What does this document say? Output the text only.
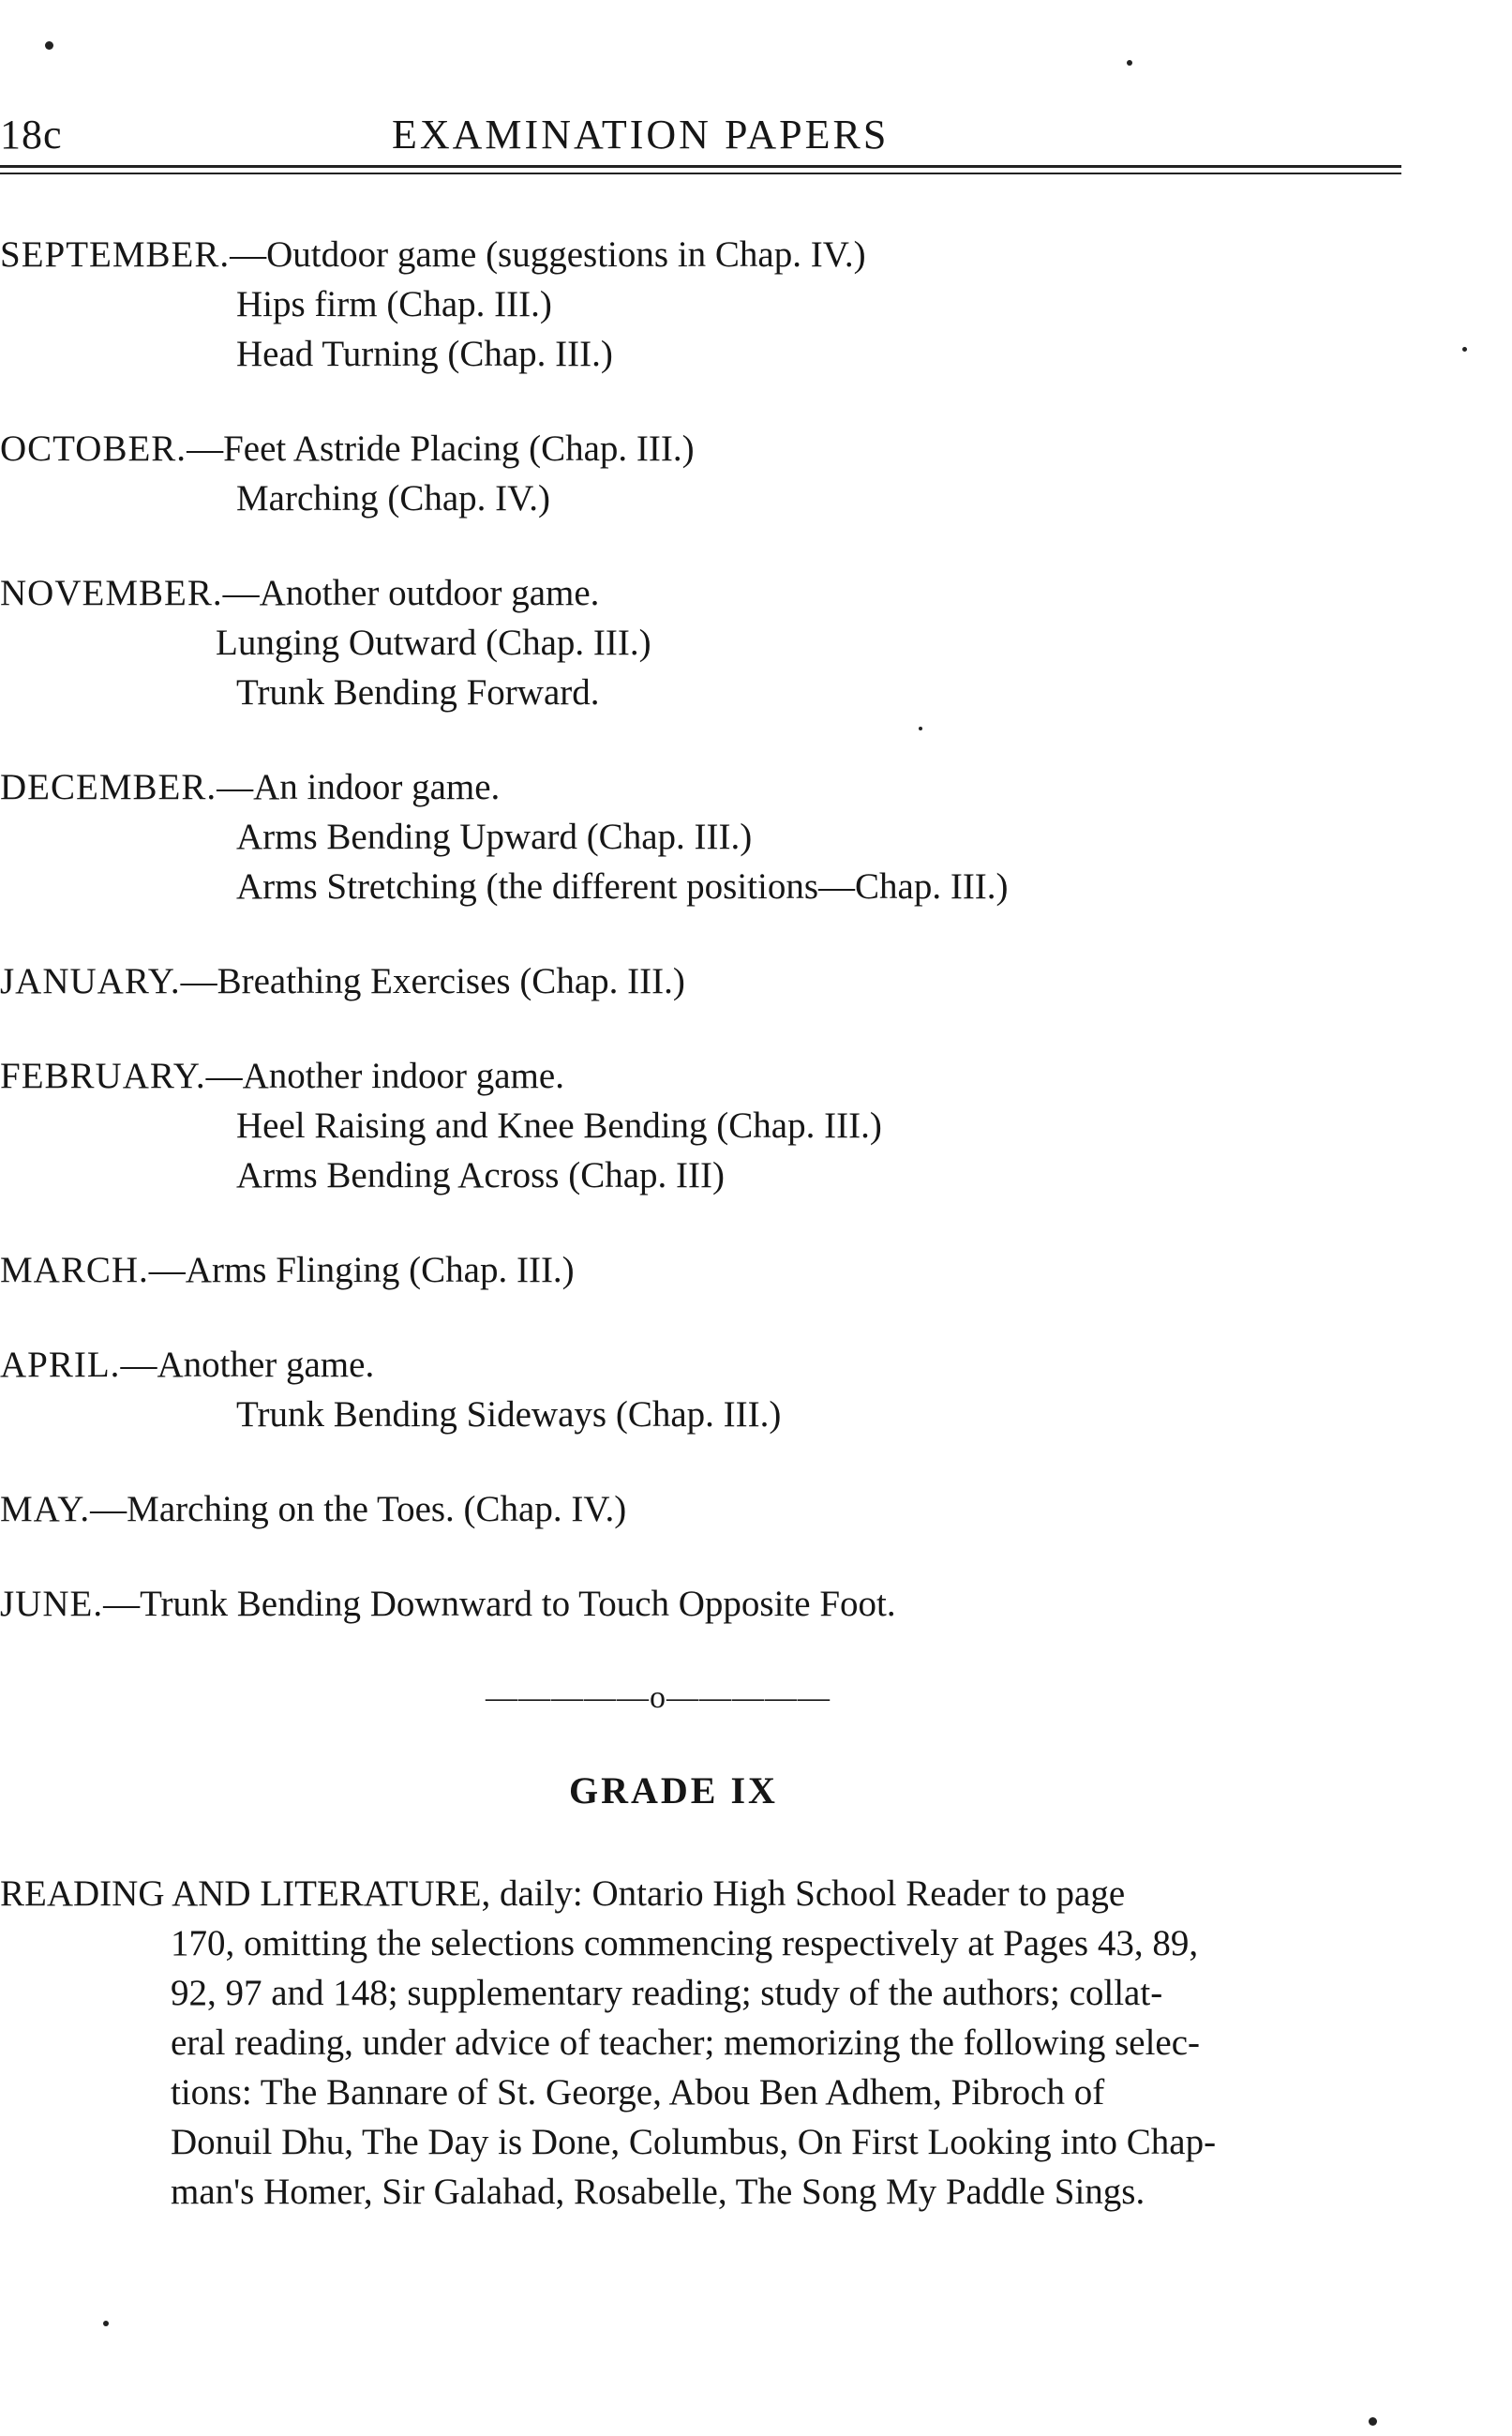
18c	EXAMINATION PAPERS
SEPTEMBER.—Outdoor game (suggestions in Chap. IV.)
Hips firm (Chap. III.)
Head Turning (Chap. III.)
OCTOBER.—Feet Astride Placing (Chap. III.)
Marching (Chap. IV.)
NOVEMBER.—Another outdoor game.
Lunging Outward (Chap. III.)
Trunk Bending Forward.
DECEMBER.—An indoor game.
Arms Bending Upward (Chap. III.)
Arms Stretching (the different positions—Chap. III.)
JANUARY.—Breathing Exercises (Chap. III.)
FEBRUARY.—Another indoor game.
Heel Raising and Knee Bending (Chap. III.)
Arms Bending Across (Chap. III)
MARCH.—Arms Flinging (Chap. III.)
APRIL.—Another game.
Trunk Bending Sideways (Chap. III.)
MAY.—Marching on the Toes. (Chap. IV.)
JUNE.—Trunk Bending Downward to Touch Opposite Foot.
—————o—————
GRADE IX
READING AND LITERATURE, daily: Ontario High School Reader to page
170, omitting the selections commencing respectively at Pages 43, 89,
92, 97 and 148; supplementary reading; study of the authors; collat-
eral reading, under advice of teacher; memorizing the following selec-
tions: The Bannare of St. George, Abou Ben Adhem, Pibroch of
Donuil Dhu, The Day is Done, Columbus, On First Looking into Chap-
man's Homer, Sir Galahad, Rosabelle, The Song My Paddle Sings.
